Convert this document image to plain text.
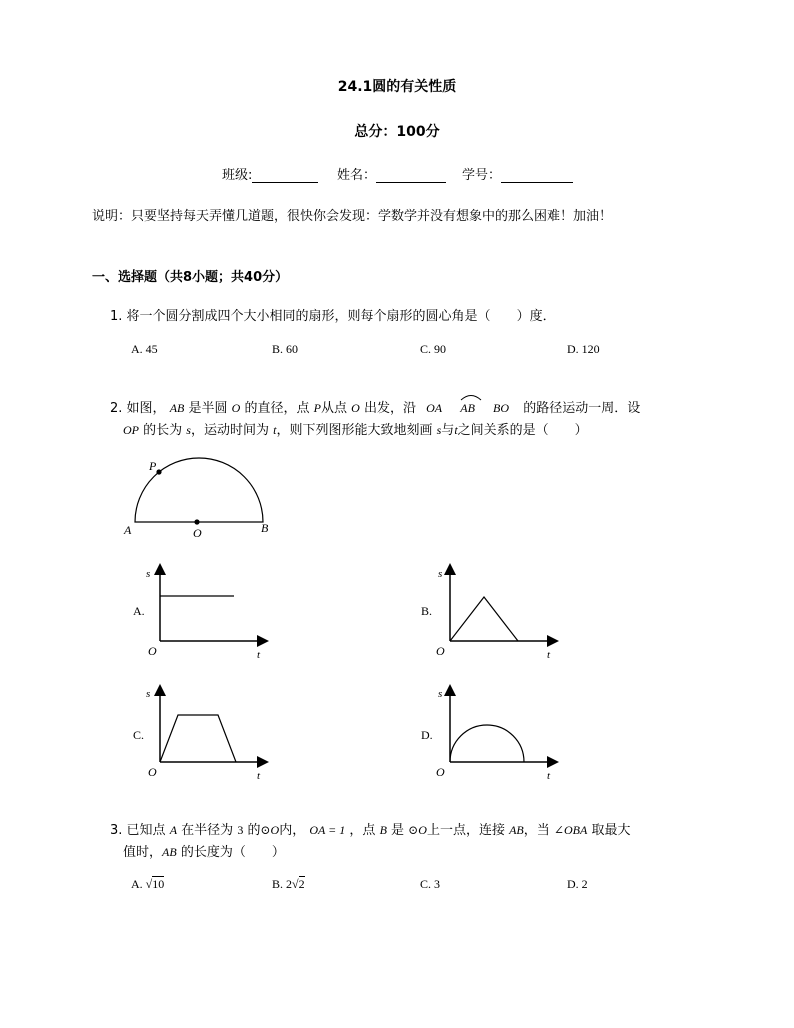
24.1圆的有关性质
总分：100分
班级:	姓名：	学号：
说明：只要坚持每天弄懂几道题，很快你会发现：学数学并没有想象中的那么困难！加油！
一、选择题（共8小题；共40分）
1. 将一个圆分割成四个大小相同的扇形，则每个扇形的圆心角是（ ）度．
A. 45	B. 60	C. 90	D. 120
2. 如图， AB 是半圆 O 的直径，点 P从点 O 出发，沿 OA AB BO 的路径运动一周．设
OP 的长为 s，运动时间为 t，则下列图形能大致地刻画 s与t之间关系的是（　　）
A	O	B
P
A.
s
O	t
B.
s
O	t
C.
s
O	t
D.
s
O	t
3. 已知点 A 在半径为 3 的⊙O内， OA = 1 ，点 B 是 ⊙O上一点，连接 AB，当 ∠OBA 取最大
值时，AB 的长度为（　　）
A. √10	B. 2√2	C. 3	D. 2
